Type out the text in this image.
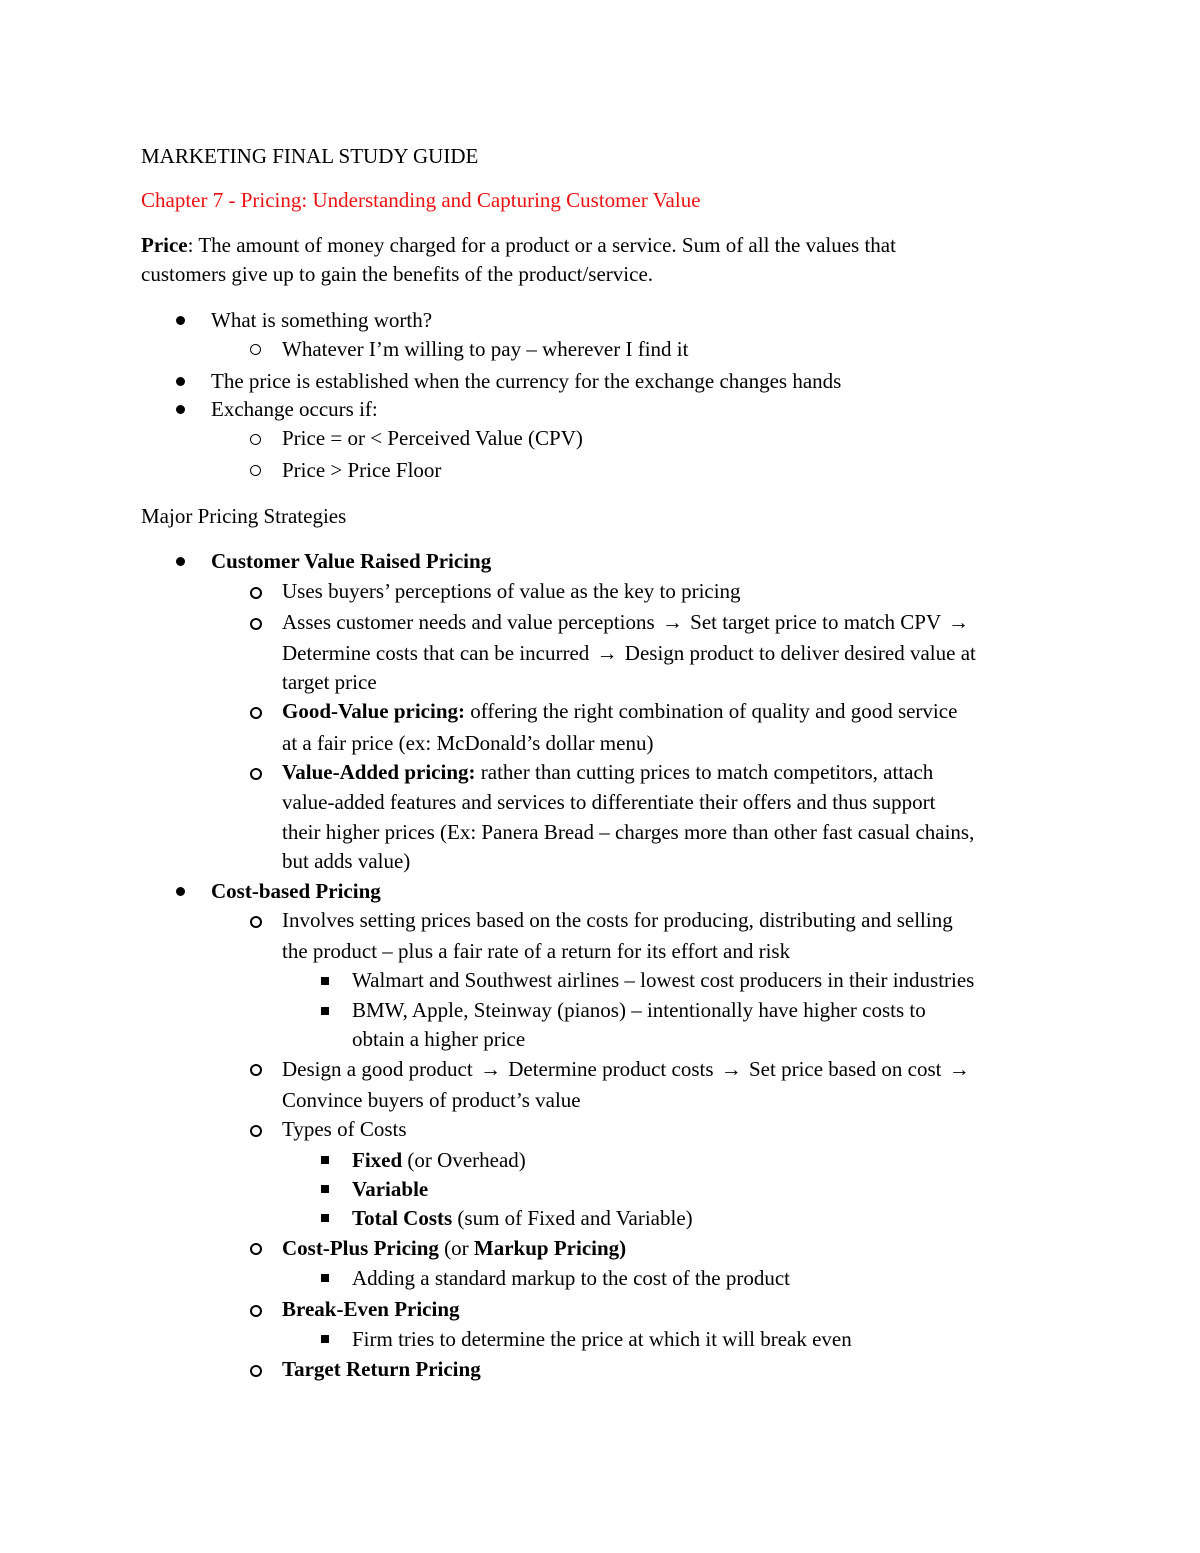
MARKETING FINAL STUDY GUIDE
Chapter 7 - Pricing: Understanding and Capturing Customer Value
Price: The amount of money charged for a product or a service. Sum of all the values that
customers give up to gain the benefits of the product/service.
What is something worth?
Whatever I’m willing to pay – wherever I find it
The price is established when the currency for the exchange changes hands
Exchange occurs if:
Price = or < Perceived Value (CPV)
Price > Price Floor
Major Pricing Strategies
Customer Value Raised Pricing
Uses buyers’ perceptions of value as the key to pricing
Asses customer needs and value perceptions → Set target price to match CPV →
Determine costs that can be incurred → Design product to deliver desired value at
target price
Good-Value pricing: offering the right combination of quality and good service
at a fair price (ex: McDonald’s dollar menu)
Value-Added pricing: rather than cutting prices to match competitors, attach
value-added features and services to differentiate their offers and thus support
their higher prices (Ex: Panera Bread – charges more than other fast casual chains,
but adds value)
Cost-based Pricing
Involves setting prices based on the costs for producing, distributing and selling
the product – plus a fair rate of a return for its effort and risk
Walmart and Southwest airlines – lowest cost producers in their industries
BMW, Apple, Steinway (pianos) – intentionally have higher costs to
obtain a higher price
Design a good product → Determine product costs → Set price based on cost →
Convince buyers of product’s value
Types of Costs
Fixed (or Overhead)
Variable
Total Costs (sum of Fixed and Variable)
Cost-Plus Pricing (or Markup Pricing)
Adding a standard markup to the cost of the product
Break-Even Pricing
Firm tries to determine the price at which it will break even
Target Return Pricing
